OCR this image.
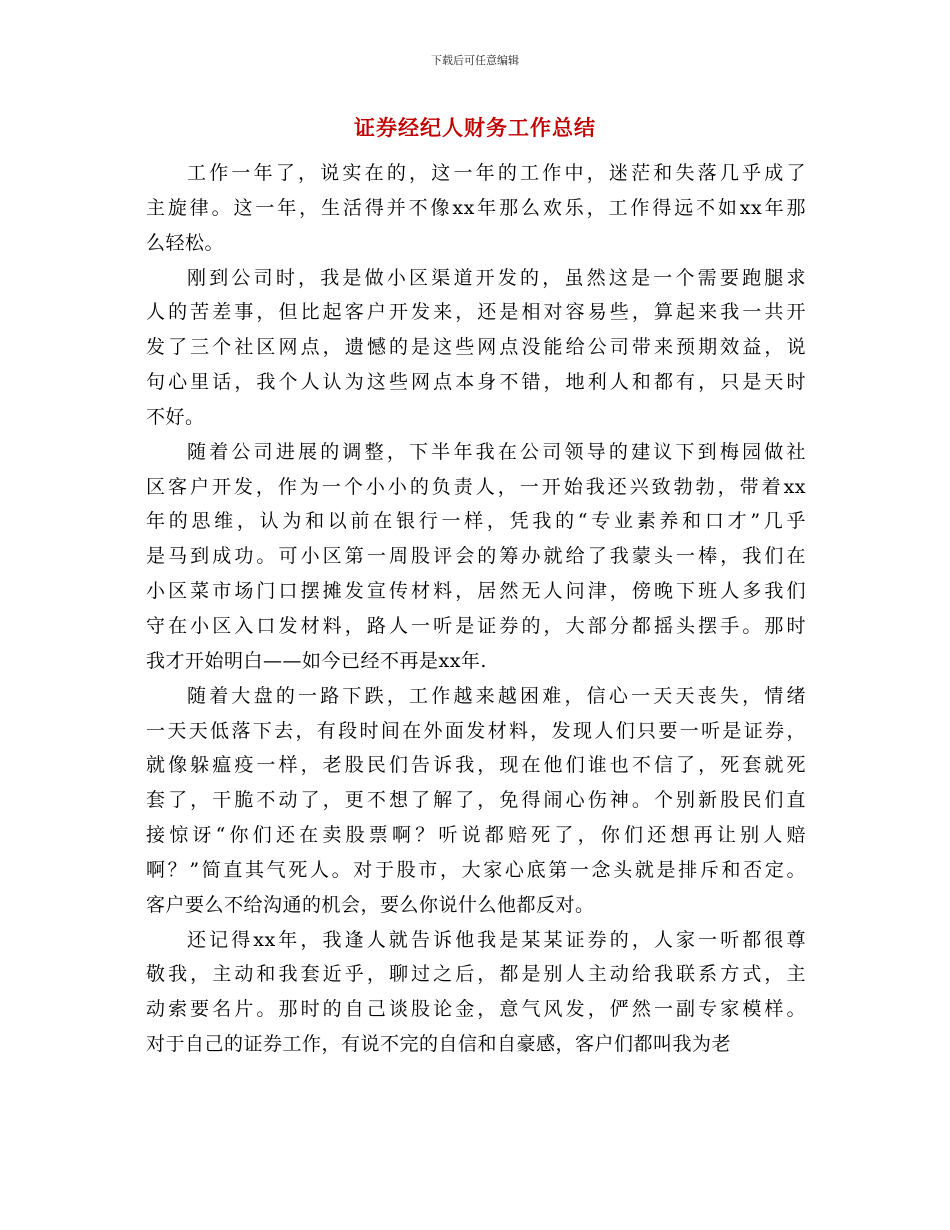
下载后可任意编辑
证券经纪人财务工作总结
工作一年了，说实在的，这一年的工作中，迷茫和失落几乎成了
主旋律。这一年，生活得并不像xx年那么欢乐，工作得远不如xx年那
么轻松。
刚到公司时，我是做小区渠道开发的，虽然这是一个需要跑腿求
人的苦差事，但比起客户开发来，还是相对容易些，算起来我一共开
发了三个社区网点，遗憾的是这些网点没能给公司带来预期效益，说
句心里话，我个人认为这些网点本身不错，地利人和都有，只是天时
不好。
随着公司进展的调整，下半年我在公司领导的建议下到梅园做社
区客户开发，作为一个小小的负责人，一开始我还兴致勃勃，带着xx
年的思维，认为和以前在银行一样，凭我的“专业素养和口才”几乎
是马到成功。可小区第一周股评会的筹办就给了我蒙头一棒，我们在
小区菜市场门口摆摊发宣传材料，居然无人问津，傍晚下班人多我们
守在小区入口发材料，路人一听是证券的，大部分都摇头摆手。那时
我才开始明白——如今已经不再是xx年.
随着大盘的一路下跌，工作越来越困难，信心一天天丧失，情绪
一天天低落下去，有段时间在外面发材料，发现人们只要一听是证券，
就像躲瘟疫一样，老股民们告诉我，现在他们谁也不信了，死套就死
套了，干脆不动了，更不想了解了，免得闹心伤神。个别新股民们直
接惊讶“你们还在卖股票啊？听说都赔死了，你们还想再让别人赔
啊？”简直其气死人。对于股市，大家心底第一念头就是排斥和否定。
客户要么不给沟通的机会，要么你说什么他都反对。
还记得xx年，我逢人就告诉他我是某某证券的，人家一听都很尊
敬我，主动和我套近乎，聊过之后，都是别人主动给我联系方式，主
动索要名片。那时的自己谈股论金，意气风发，俨然一副专家模样。
对于自己的证券工作，有说不完的自信和自豪感，客户们都叫我为老
